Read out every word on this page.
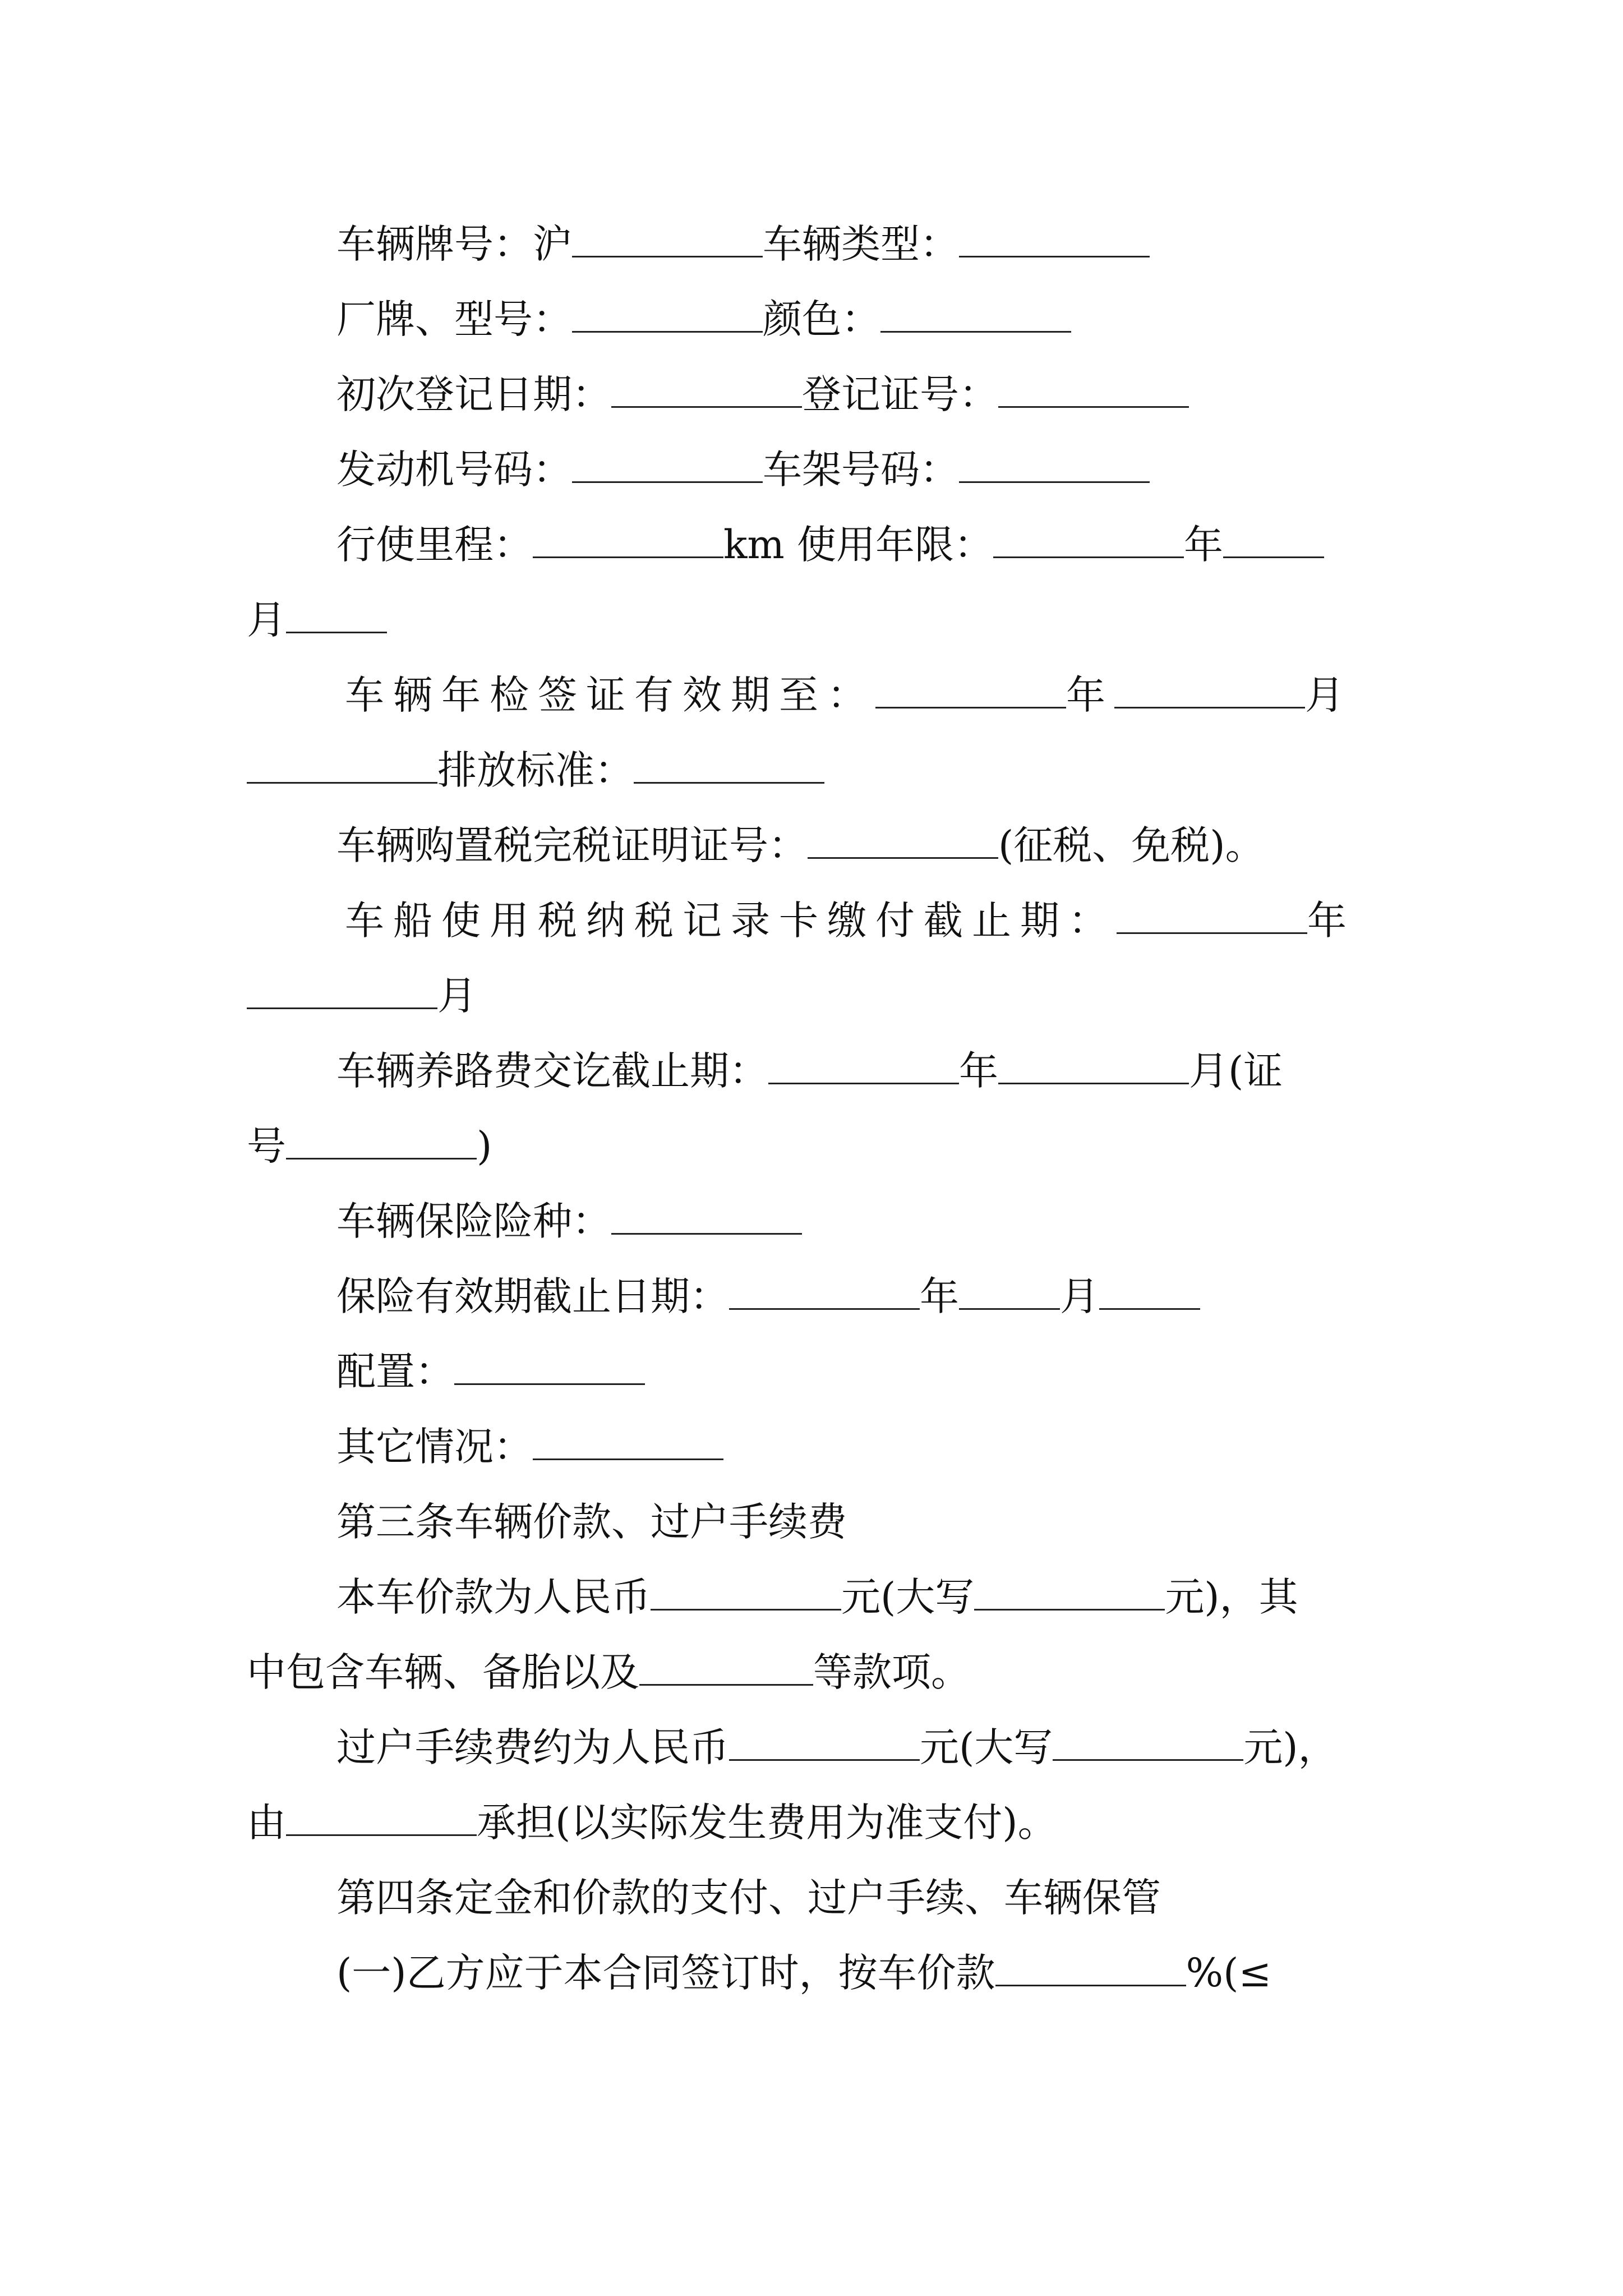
车辆牌号：沪	车辆类型：
厂牌、型号：	颜色：
初次登记日期：	登记证号：
发动机号码：	车架号码：
行使里程：	km 使用年限：	年
月
车辆年检签证有效期至：	年	月
排放标准：
车辆购置税完税证明证号：	(征税、免税)。
车船使用税纳税记录卡缴付截止期：	年
月
车辆养路费交讫截止期：	年	月(证
号	)
车辆保险险种：
保险有效期截止日期：	年	月
配置：
其它情况：
第三条车辆价款、过户手续费
本车价款为人民币	元(大写	元)，其
中包含车辆、备胎以及	等款项。
过户手续费约为人民币	元(大写	元)，
由	承担(以实际发生费用为准支付)。
第四条定金和价款的支付、过户手续、车辆保管
(一)乙方应于本合同签订时，按车价款	%(≤
